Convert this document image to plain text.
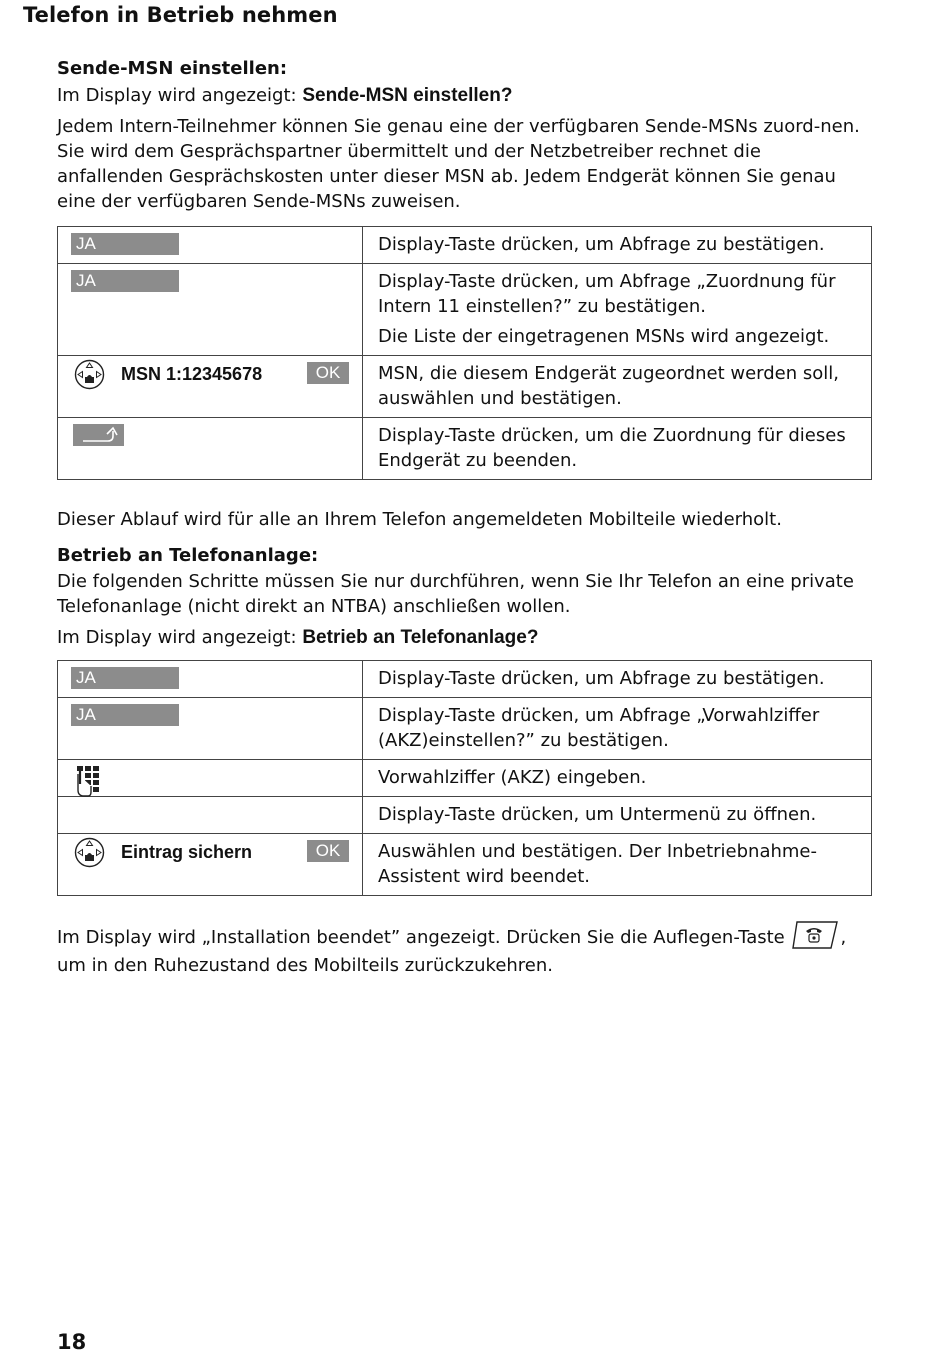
Telefon in Betrieb nehmen
Sende-MSN einstellen:
Im Display wird angezeigt: Sende-MSN einstellen?
Jedem Intern-Teilnehmer können Sie genau eine der verfügbaren Sende-MSNs zuord-nen. Sie wird dem Gesprächspartner übermittelt und der Netzbetreiber rechnet die anfallenden Gesprächskosten unter dieser MSN ab. Jedem Endgerät können Sie genau eine der verfügbaren Sende-MSNs zuweisen.
JA	Display-Taste drücken, um Abfrage zu bestätigen.

JA	Display-Taste drücken, um Abfrage „Zuordnung für Intern 11 einstellen?” zu bestätigen.
Die Liste der eingetragenen MSNs wird angezeigt.

MSN 1:12345678 OK	MSN, die diesem Endgerät zugeordnet werden soll, auswählen und bestätigen.

	Display-Taste drücken, um die Zuordnung für dieses Endgerät zu beenden.
Dieser Ablauf wird für alle an Ihrem Telefon angemeldeten Mobilteile wiederholt.
Betrieb an Telefonanlage:
Die folgenden Schritte müssen Sie nur durchführen, wenn Sie Ihr Telefon an eine private Telefonanlage (nicht direkt an NTBA) anschließen wollen.
Im Display wird angezeigt: Betrieb an Telefonanlage?
JA	Display-Taste drücken, um Abfrage zu bestätigen.

JA	Display-Taste drücken, um Abfrage „Vorwahlziffer (AKZ)einstellen?” zu bestätigen.

	Vorwahlziffer (AKZ) eingeben.
	Display-Taste drücken, um Untermenü zu öffnen.

Eintrag sichern OK	Auswählen und bestätigen. Der Inbetriebnahme-Assistent wird beendet.
Im Display wird „Installation beendet” angezeigt. Drücken Sie die Auflegen-Taste	, um in den Ruhezustand des Mobilteils zurückzukehren.
18
